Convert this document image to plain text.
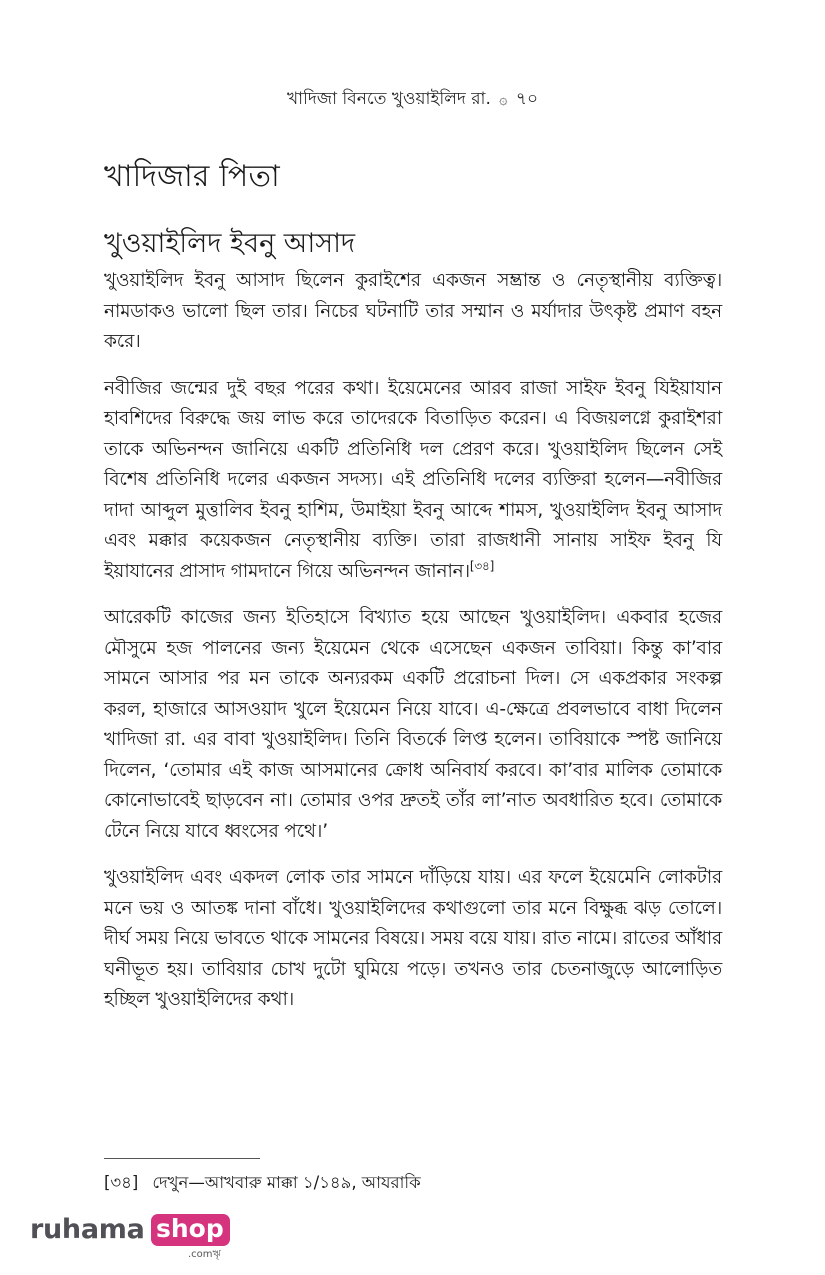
খাদিজা বিনতে খুওয়াইলিদ রা. ۞ ৭০
খাদিজার পিতা
খুওয়াইলিদ ইবনু আসাদ

খুওয়াইলিদ ইবনু আসাদ ছিলেন কুরাইশের একজন সম্ভ্রান্ত ও নেতৃস্থানীয় ব্যক্তিত্ব। নামডাকও ভালো ছিল তার। নিচের ঘটনাটি তার সম্মান ও মর্যাদার উৎকৃষ্ট প্রমাণ বহন করে।

নবীজির জন্মের দুই বছর পরের কথা। ইয়েমেনের আরব রাজা সাইফ ইবনু যিইয়াযান হাবশিদের বিরুদ্ধে জয় লাভ করে তাদেরকে বিতাড়িত করেন। এ বিজয়লগ্নে কুরাইশরা তাকে অভিনন্দন জানিয়ে একটি প্রতিনিধি দল প্রেরণ করে। খুওয়াইলিদ ছিলেন সেই বিশেষ প্রতিনিধি দলের একজন সদস্য। এই প্রতিনিধি দলের ব্যক্তিরা হলেন—নবীজির দাদা আব্দুল মুত্তালিব ইবনু হাশিম, উমাইয়া ইবনু আব্দে শামস, খুওয়াইলিদ ইবনু আসাদ এবং মক্কার কয়েকজন নেতৃস্থানীয় ব্যক্তি। তারা রাজধানী সানায় সাইফ ইবনু যি ইয়াযানের প্রাসাদ গামদানে গিয়ে অভিনন্দন জানান।[৩৪]

আরেকটি কাজের জন্য ইতিহাসে বিখ্যাত হয়ে আছেন খুওয়াইলিদ। একবার হজের মৌসুমে হজ পালনের জন্য ইয়েমেন থেকে এসেছেন একজন তাবিয়া। কিন্তু কা’বার সামনে আসার পর মন তাকে অন্যরকম একটি প্ররোচনা দিল। সে একপ্রকার সংকল্প করল, হাজারে আসওয়াদ খুলে ইয়েমেন নিয়ে যাবে। এ-ক্ষেত্রে প্রবলভাবে বাধা দিলেন খাদিজা রা. এর বাবা খুওয়াইলিদ। তিনি বিতর্কে লিপ্ত হলেন। তাবিয়াকে স্পষ্ট জানিয়ে দিলেন, ‘তোমার এই কাজ আসমানের ক্রোধ অনিবার্য করবে। কা’বার মালিক তোমাকে কোনোভাবেই ছাড়বেন না। তোমার ওপর দ্রুতই তাঁর লা’নাত অবধারিত হবে। তোমাকে টেনে নিয়ে যাবে ধ্বংসের পথে।’

খুওয়াইলিদ এবং একদল লোক তার সামনে দাঁড়িয়ে যায়। এর ফলে ইয়েমেনি লোকটার মনে ভয় ও আতঙ্ক দানা বাঁধে। খুওয়াইলিদের কথাগুলো তার মনে বিক্ষুব্ধ ঝড় তোলে। দীর্ঘ সময় নিয়ে ভাবতে থাকে সামনের বিষয়ে। সময় বয়ে যায়। রাত নামে। রাতের আঁধার ঘনীভূত হয়। তাবিয়ার চোখ দুটো ঘুমিয়ে পড়ে। তখনও তার চেতনাজুড়ে আলোড়িত হচ্ছিল খুওয়াইলিদের কথা।

[৩৪] দেখুন—আখবারু মাক্কা ১/১৪৯, আযরাকি
ruhama shop
.comৠ
